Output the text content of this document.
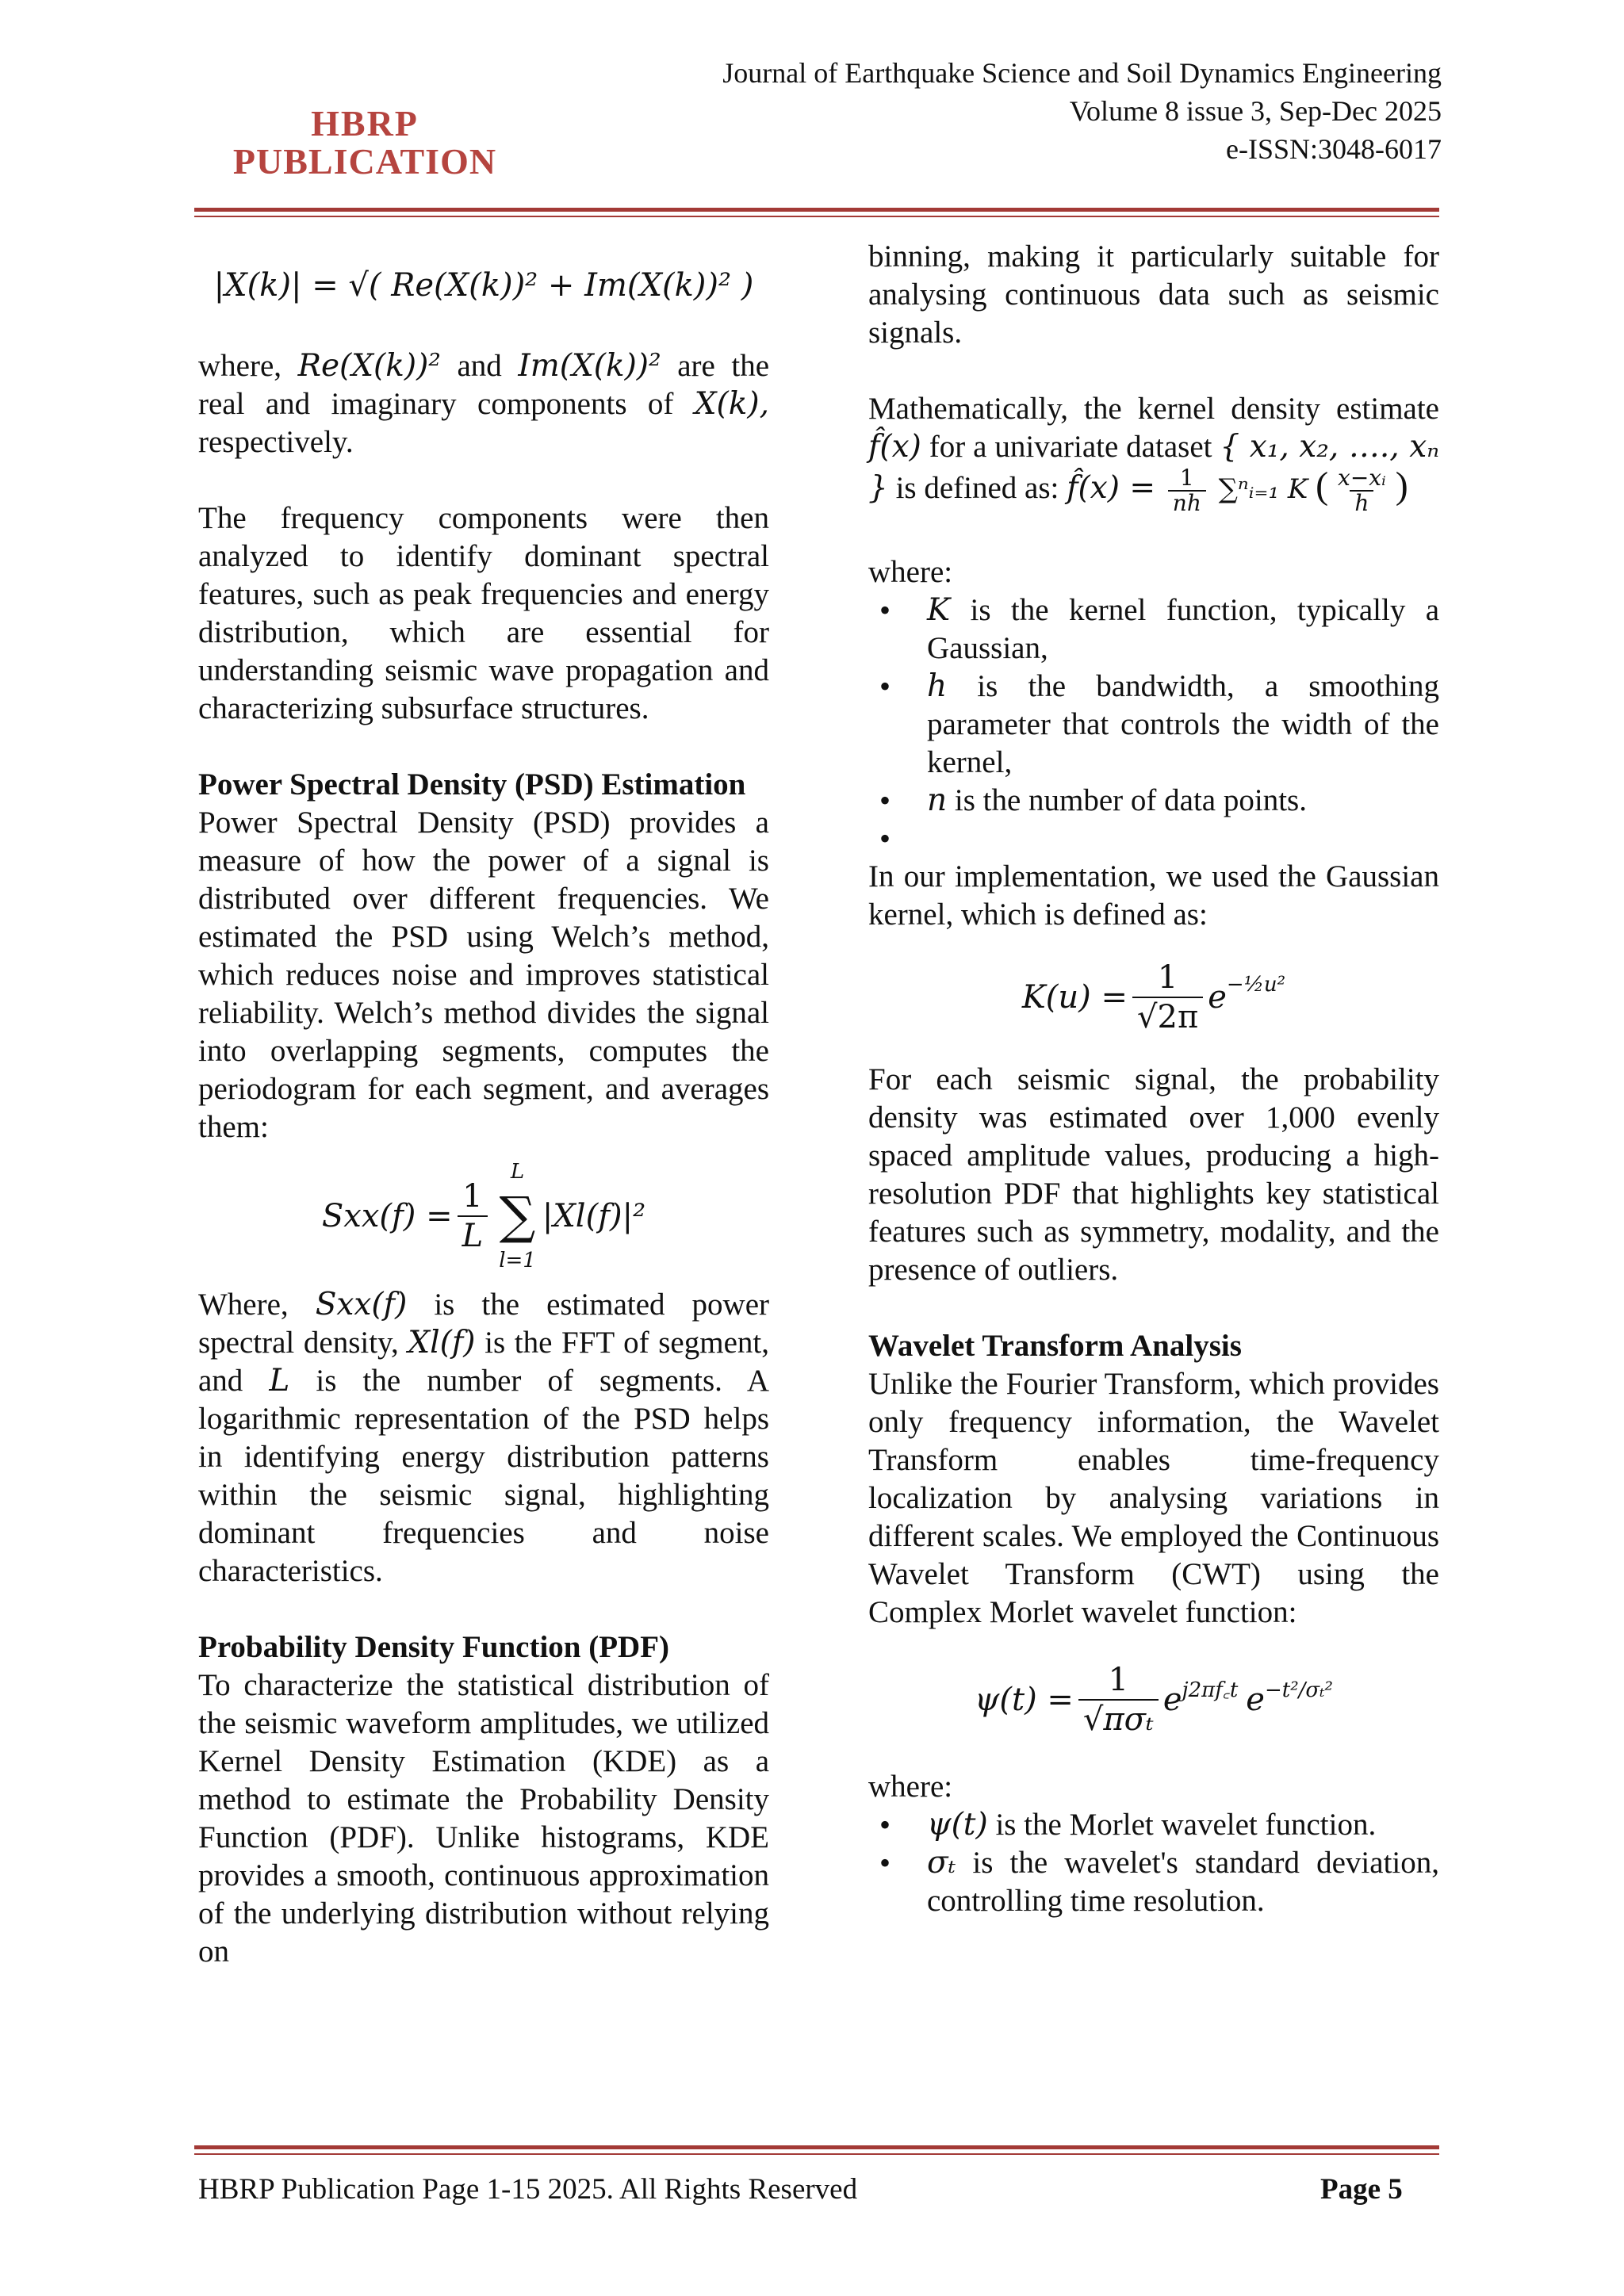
HBRP
PUBLICATION
Journal of Earthquake Science and Soil Dynamics Engineering
Volume 8 issue 3, Sep-Dec 2025
e-ISSN:3048-6017
|X(k)| = √( Re(X(k))² + Im(X(k))² )

where, Re(X(k))² and Im(X(k))² are the real and imaginary components of X(k), respectively.

The frequency components were then analyzed to identify dominant spectral features, such as peak frequencies and energy distribution, which are essential for understanding seismic wave propagation and characterizing subsurface structures.

Power Spectral Density (PSD) Estimation

Power Spectral Density (PSD) provides a measure of how the power of a signal is distributed over different frequencies. We estimated the PSD using Welch’s method, which reduces noise and improves statistical reliability. Welch’s method divides the signal into overlapping segments, computes the periodogram for each segment, and averages them:

$Sxx(f) = \frac{1}{L}$
L
∑
l=1
|Xl(f)|²

Where, Sxx(f) is the estimated power spectral density, Xl(f) is the FFT of segment, and L is the number of segments. A logarithmic representation of the PSD helps in identifying energy distribution patterns within the seismic signal, highlighting dominant frequencies and noise characteristics.

Probability Density Function (PDF)

To characterize the statistical distribution of the seismic waveform amplitudes, we utilized Kernel Density Estimation (KDE) as a method to estimate the Probability Density Function (PDF). Unlike histograms, KDE provides a smooth, continuous approximation of the underlying distribution without relying on

binning, making it particularly suitable for analysing continuous data such as seismic signals.

Mathematically, the kernel density estimate f̂(x) for a univariate dataset { x₁, x₂, …., xₙ } is defined as: f̂(x) = $\frac{1}{nh}$ ∑ⁿᵢ₌₁ K ( $\frac{\text{x−xᵢ}}{h}$ )

where:

• K is the kernel function, typically a Gaussian,
• h is the bandwidth, a smoothing parameter that controls the width of the kernel,
• n is the number of data points.
•

In our implementation, we used the Gaussian kernel, which is defined as:

$K(u) = \frac{1}{√2\pi} e^{-\frac{1}{2}u^2}$

For each seismic signal, the probability density was estimated over 1,000 evenly spaced amplitude values, producing a high-resolution PDF that highlights key statistical features such as symmetry, modality, and the presence of outliers.

Wavelet Transform Analysis

Unlike the Fourier Transform, which provides only frequency information, the Wavelet Transform enables time-frequency localization by analysing variations in different scales. We employed the Continuous Wavelet Transform (CWT) using the Complex Morlet wavelet function:

$\psi(t) = \frac{1}{\text{√πσₜ}} e^{j2\pi f꜀t}$ $e^{-t^2/\sigma_t^2}$

where:

• ψ(t) is the Morlet wavelet function.
• σₜ is the wavelet's standard deviation, controlling time resolution.
HBRP Publication Page 1-15 2025. All Rights Reserved	Page 5
